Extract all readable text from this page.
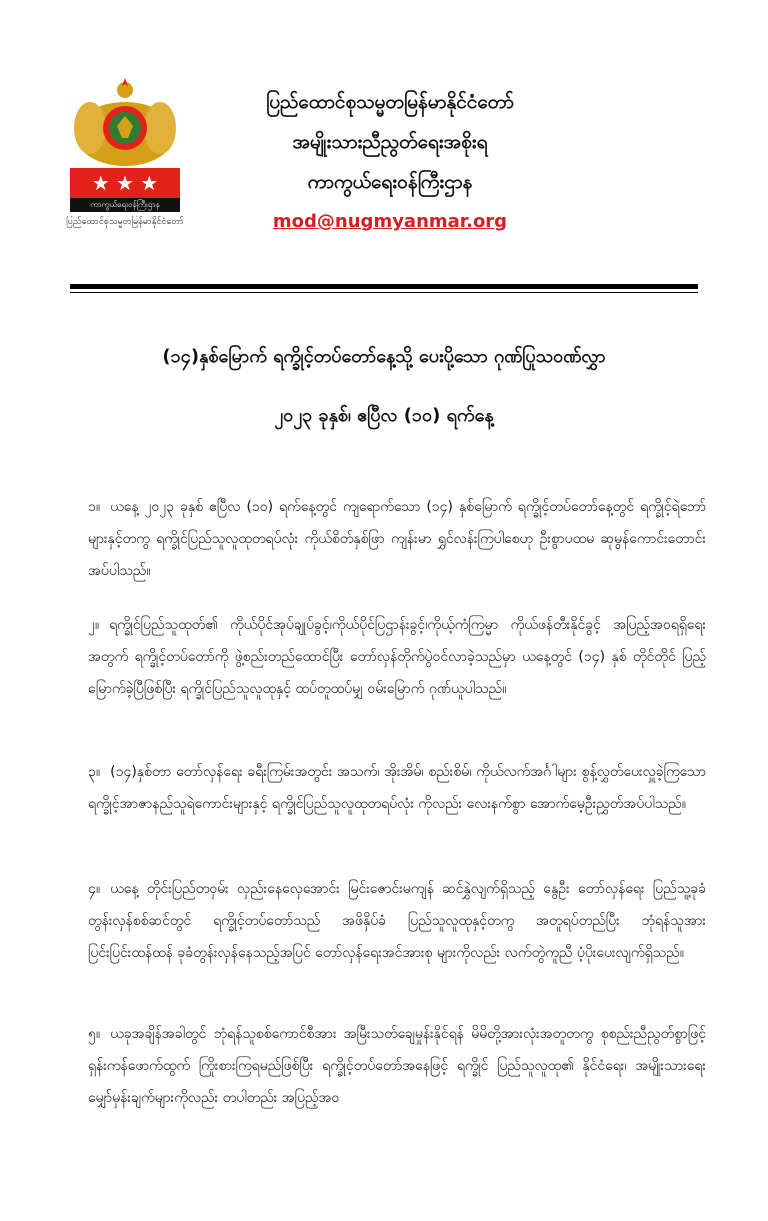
★ ★ ★
ကာကွယ်ရေးဝန်ကြီးဌာန
ပြည်ထောင်စုသမ္မတမြန်မာနိုင်ငံတော်
ပြည်ထောင်စုသမ္မတမြန်မာနိုင်ငံတော်
အမျိုးသားညီညွတ်ရေးအစိုးရ
ကာကွယ်ရေးဝန်ကြီးဌာန
mod@nugmyanmar.org
(၁၄)နှစ်မြောက် ရက္ခိုင့်တပ်တော်နေ့သို့ ပေးပို့သော ဂုဏ်ပြုသဝဏ်လွှာ
၂၀၂၃ ခုနှစ်၊ ဧပြီလ (၁၀) ရက်နေ့
၁။ ယနေ့ ၂၀၂၃ ခုနှစ် ဧပြီလ (၁၀) ရက်နေ့တွင် ကျရောက်သော (၁၄) နှစ်မြောက် ရက္ခိုင့်တပ်တော်နေ့တွင် ရက္ခိုင့်ရဲဘော်များနှင့်တကွ ရက္ခိုင်ပြည်သူလူထုတရပ်လုံး ကိုယ်စိတ်နှစ်ဖြာ ကျန်းမာ ရွှင်လန်းကြပါစေဟု ဦးစွာပထမ ဆုမွန်ကောင်းတောင်းအပ်ပါသည်။
၂။ ရက္ခိုင်ပြည်သူထုတ်၏ ကိုယ်ပိုင်အုပ်ချုပ်ခွင့်၊ကိုယ်ပိုင်ပြဌာန်းခွင့်၊ကိုယ့်ကံကြမ္မာ ကိုယ်ဖန်တီးနိုင်ခွင့် အပြည့်အဝရရှိရေးအတွက် ရက္ခိုင့်တပ်တော်ကို ဖွဲ့စည်းတည်ထောင်ပြီး တော်လှန်တိုက်ပွဲဝင်လာခဲ့သည်မှာ ယနေ့တွင် (၁၄) နှစ် တိုင်တိုင် ပြည့်မြောက်ခဲ့ပြီဖြစ်ပြီး ရက္ခိုင်ပြည်သူလူထုနှင့် ထပ်တူထပ်မျှ ဝမ်းမြောက် ဂုဏ်ယူပါသည်။
၃။ (၁၄)နှစ်တာ တော်လှန်ရေး ခရီးကြမ်းအတွင်း အသက်၊ အိုးအိမ်၊ စည်းစိမ်၊ ကိုယ်လက်အင်္ဂါများ စွန့်လွှတ်ပေးလှူခဲ့ကြသော ရက္ခိုင့်အာဇာနည်သူရဲကောင်းများနှင့် ရက္ခိုင်ပြည်သူလူထုတရပ်လုံး ကိုလည်း လေးနက်စွာ အောက်မေ့ဦးညွှတ်အပ်ပါသည်။
၄။ ယနေ့ တိုင်းပြည်တဝှမ်း လှည်းနေလှေအောင်း မြင်းဇောင်းမကျန် ဆင်နွှဲလျက်ရှိသည့် နွေဦး တော်လှန်ရေး ပြည်သူ့ခုခံတွန်းလှန်စစ်ဆင်တွင် ရက္ခိုင့်တပ်တော်သည် အဖိနှိပ်ခံ ပြည်သူလူထုနှင့်တကွ အတူရပ်တည်ပြီး ဘုံရန်သူအား ပြင်းပြင်းထန်ထန် ခုခံတွန်းလှန်နေသည့်အပြင် တော်လှန်ရေးအင်အားစု များကိုလည်း လက်တွဲကူညီ ပံ့ပိုးပေးလျက်ရှိသည်။
၅။ ယခုအချိန်အခါတွင် ဘုံရန်သူစစ်ကောင်စီအား အမြီးသတ်ချေမှုန်းနိုင်ရန် မိမိတို့အားလုံးအတူတကွ စုစည်းညီညွတ်စွာဖြင့် ရှန်းကန်ဖောက်ထွက် ကြိုးစားကြရမည်ဖြစ်ပြီး ရက္ခိုင့်တပ်တော်အနေဖြင့် ရက္ခိုင် ပြည်သူလူထု၏ နိုင်ငံရေး၊ အမျိုးသားရေး မျှော်မှန်းချက်များကိုလည်း တပါတည်း အပြည့်အဝ
